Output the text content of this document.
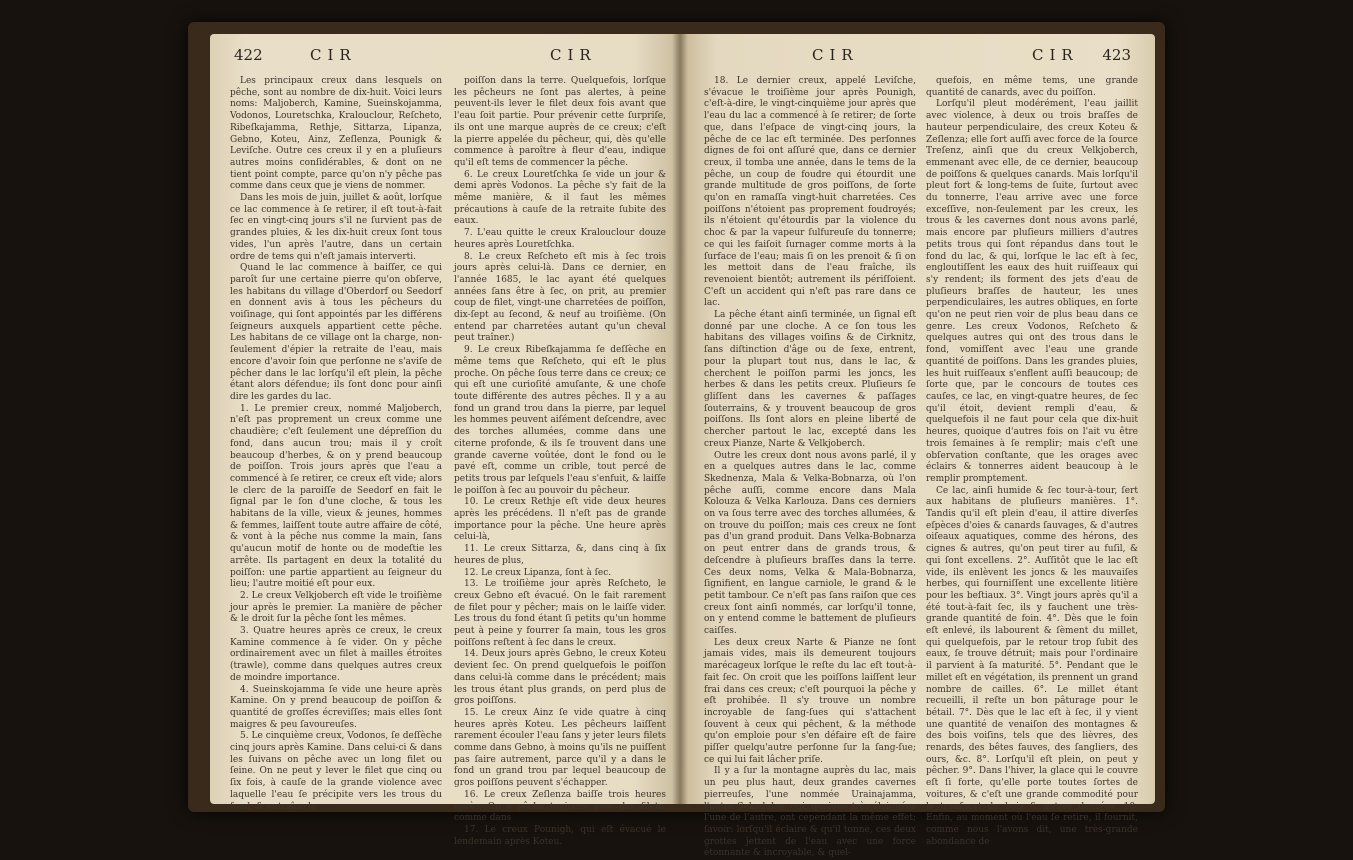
422	CIR	CIR

Les principaux creux dans lesquels on pêche, sont au nombre de dix-huit. Voici leurs noms: Maljoberch, Kamine, Sueinskojamma, Vodonos, Louretschka, Kralouclour, Reſcheto, Ribeſkajamma, Rethje, Sittarza, Lipanza, Gebno, Koteu, Ainz, Zeſlenza, Pounigk & Leviſche. Outre ces creux il y en a pluſieurs autres moins conſidérables, & dont on ne tient point compte, parce qu'on n'y pêche pas comme dans ceux que je viens de nommer.

Dans les mois de juin, juillet & août, lorſque ce lac commence à ſe retirer, il eſt tout-à-fait ſec en vingt-cinq jours s'il ne ſurvient pas de grandes pluies, & les dix-huit creux ſont tous vides, l'un après l'autre, dans un certain ordre de tems qui n'eſt jamais interverti.

Quand le lac commence à baiſſer, ce qui paroît ſur une certaine pierre qu'on obſerve, les habitans du village d'Oberdorf ou Seedorf en donnent avis à tous les pêcheurs du voiſinage, qui ſont appointés par les différens ſeigneurs auxquels appartient cette pêche. Les habitans de ce village ont la charge, non-ſeulement d'épier la retraite de l'eau, mais encore d'avoir ſoin que perſonne ne s'aviſe de pêcher dans le lac lorſqu'il eſt plein, la pêche étant alors défendue; ils ſont donc pour ainſi dire les gardes du lac.

1. Le premier creux, nommé Maljoberch, n'eſt pas proprement un creux comme une chaudière; c'eſt ſeulement une dépreſſion du fond, dans aucun trou; mais il y croît beaucoup d'herbes, & on y prend beaucoup de poiſſon. Trois jours après que l'eau a commencé à ſe retirer, ce creux eſt vide; alors le clerc de la paroiſſe de Seedorf en fait le ſignal par le ſon d'une cloche, & tous les habitans de la ville, vieux & jeunes, hommes & femmes, laiſſent toute autre affaire de côté, & vont à la pêche nus comme la main, ſans qu'aucun motif de honte ou de modeſtie les arrête. Ils partagent en deux la totalité du poiſſon: une partie appartient au ſeigneur du lieu; l'autre moitié eſt pour eux.

2. Le creux Velkjoberch eſt vide le troiſième jour après le premier. La manière de pêcher & le droit ſur la pêche ſont les mêmes.

3. Quatre heures après ce creux, le creux Kamine commence à ſe vider. On y pêche ordinairement avec un filet à mailles étroites (trawle), comme dans quelques autres creux de moindre importance.

4. Sueinskojamma ſe vide une heure après Kamine. On y prend beaucoup de poiſſon & quantité de groſſes écreviſſes; mais elles ſont maigres & peu ſavoureuſes.

5. Le cinquième creux, Vodonos, ſe deſſèche cinq jours après Kamine. Dans celui-ci & dans les ſuivans on pêche avec un long filet ou ſeine. On ne peut y lever le filet que cinq ou ſix fois, à cauſe de la grande violence avec laquelle l'eau ſe précipite vers les trous du fond, & entraîne le

poiſſon dans la terre. Quelquefois, lorſque les pêcheurs ne ſont pas alertes, à peine peuvent-ils lever le filet deux fois avant que l'eau ſoit partie. Pour prévenir cette ſurpriſe, ils ont une marque auprès de ce creux; c'eſt la pierre appelée du pêcheur, qui, dès qu'elle commence à paroître à fleur d'eau, indique qu'il eſt tems de commencer la pêche.

6. Le creux Louretſchka ſe vide un jour & demi après Vodonos. La pêche s'y fait de la même manière, & il faut les mêmes précautions à cauſe de la retraite ſubite des eaux.

7. L'eau quitte le creux Kralouclour douze heures après Louretſchka.

8. Le creux Reſcheto eſt mis à ſec trois jours après celui-là. Dans ce dernier, en l'année 1685, le lac ayant été quelques années ſans être à ſec, on prit, au premier coup de filet, vingt-une charretées de poiſſon, dix-ſept au ſecond, & neuf au troiſième. (On entend par charretées autant qu'un cheval peut traîner.)

9. Le creux Ribeſkajamma ſe deſſèche en même tems que Reſcheto, qui eſt le plus proche. On pêche ſous terre dans ce creux; ce qui eſt une curioſité amuſante, & une choſe toute différente des autres pêches. Il y a au fond un grand trou dans la pierre, par lequel les hommes peuvent aiſément deſcendre, avec des torches allumées, comme dans une citerne profonde, & ils ſe trouvent dans une grande caverne voûtée, dont le fond ou le pavé eſt, comme un crible, tout percé de petits trous par leſquels l'eau s'enfuit, & laiſſe le poiſſon à ſec au pouvoir du pêcheur.

10. Le creux Rethje eſt vide deux heures après les précédens. Il n'eſt pas de grande importance pour la pêche. Une heure après celui-là,

11. Le creux Sittarza, &, dans cinq à ſix heures de plus,

12. Le creux Lipanza, ſont à ſec.

13. Le troiſième jour après Reſcheto, le creux Gebno eſt évacué. On le fait rarement de filet pour y pêcher; mais on le laiſſe vider. Les trous du fond étant ſi petits qu'un homme peut à peine y fourrer ſa main, tous les gros poiſſons reſtent à ſec dans le creux.

14. Deux jours après Gebno, le creux Koteu devient ſec. On prend quelquefois le poiſſon dans celui-là comme dans le précédent; mais les trous étant plus grands, on perd plus de gros poiſſons.

15. Le creux Ainz ſe vide quatre à cinq heures après Koteu. Les pêcheurs laiſſent rarement écouler l'eau ſans y jeter leurs filets comme dans Gebno, à moins qu'ils ne puiſſent pas ſaire autrement, parce qu'il y a dans le fond un grand trou par lequel beaucoup de gros poiſſons peuvent s'échapper.

16. Le creux Zeſlenza baiſſe trois heures après. On y pêche toujours avec des filets, comme dans

17. Le creux Pounigh, qui eſt évacué le lendemain après Koteu.

CIR	CIR 423

18. Le dernier creux, appelé Leviſche, s'évacue le troiſième jour après Pounigh, c'eſt-à-dire, le vingt-cinquième jour après que l'eau du lac a commencé à ſe retirer; de ſorte que, dans l'eſpace de vingt-cinq jours, la pêche de ce lac eſt terminée. Des perſonnes dignes de foi ont aſſuré que, dans ce dernier creux, il tomba une année, dans le tems de la pêche, un coup de foudre qui étourdit une grande multitude de gros poiſſons, de ſorte qu'on en ramaſſa vingt-huit charretées. Ces poiſſons n'étoient pas proprement foudroyés; ils n'étoient qu'étourdis par la violence du choc & par la vapeur ſulfureuſe du tonnerre; ce qui les faiſoit ſurnager comme morts à la ſurface de l'eau; mais ſi on les prenoit & ſi on les mettoit dans de l'eau fraîche, ils revenoient bientôt; autrement ils périſſoient. C'eſt un accident qui n'eſt pas rare dans ce lac.

La pêche étant ainſi terminée, un ſignal eſt donné par une cloche. A ce ſon tous les habitans des villages voiſins & de Cirknitz, ſans diſtinction d'âge ou de ſexe, entrent, pour la plupart tout nus, dans le lac, & cherchent le poiſſon parmi les joncs, les herbes & dans les petits creux. Pluſieurs ſe gliſſent dans les cavernes & paſſages ſouterrains, & y trouvent beaucoup de gros poiſſons. Ils ſont alors en pleine liberté de chercher partout le lac, excepté dans les creux Pianze, Narte & Velkjoberch.

Outre les creux dont nous avons parlé, il y en a quelques autres dans le lac, comme Skednenza, Mala & Velka-Bobnarza, où l'on pêche auſſi, comme encore dans Mala Kolouza & Velka Karlouza. Dans ces derniers on va ſous terre avec des torches allumées, & on trouve du poiſſon; mais ces creux ne ſont pas d'un grand produit. Dans Velka-Bobnarza on peut entrer dans de grands trous, & deſcendre à pluſieurs braſſes dans la terre. Ces deux noms, Velka & Mala-Bobnarza, ſignifient, en langue carniole, le grand & le petit tambour. Ce n'eſt pas ſans raiſon que ces creux ſont ainſi nommés, car lorſqu'il tonne, on y entend comme le battement de pluſieurs caiſſes.

Les deux creux Narte & Pianze ne ſont jamais vides, mais ils demeurent toujours marécageux lorſque le reſte du lac eſt tout-à-fait ſec. On croit que les poiſſons laiſſent leur frai dans ces creux; c'eſt pourquoi la pêche y eſt prohibée. Il s'y trouve un nombre incroyable de ſang-ſues qui s'attachent ſouvent à ceux qui pêchent, & la méthode qu'on emploie pour s'en défaire eſt de faire piſſer quelqu'autre perſonne ſur la ſang-ſue; ce qui lui fait lâcher priſe.

Il y a ſur la montagne auprès du lac, mais un peu plus haut, deux grandes cavernes pierreuſes, l'une nommée Urainajamma, l'autre Sekadulze, qui, quoique très-éloignées l'une de l'autre, ont cependant la même effet; ſavoir: lorſqu'il éclaire & qu'il tonne, ces deux grottes jettent de l'eau avec une force étonnante & incroyable, & quel-

quefois, en même tems, une grande quantité de canards, avec du poiſſon.

Lorſqu'il pleut modérément, l'eau jaillit avec violence, à deux ou trois braſſes de hauteur perpendiculaire, des creux Koteu & Zeſlenza; elle ſort auſſi avec force de la ſource Treſenz, ainſi que du creux Velkjoberch, emmenant avec elle, de ce dernier, beaucoup de poiſſons & quelques canards. Mais lorſqu'il pleut fort & long-tems de ſuite, ſurtout avec du tonnerre, l'eau arrive avec une force exceſſive, non-ſeulement par les creux, les trous & les cavernes dont nous avons parlé, mais encore par pluſieurs milliers d'autres petits trous qui ſont répandus dans tout le fond du lac, & qui, lorſque le lac eſt à ſec, engloutiſſent les eaux des huit ruiſſeaux qui s'y rendent; ils forment des jets d'eau de pluſieurs braſſes de hauteur, les unes perpendiculaires, les autres obliques, en ſorte qu'on ne peut rien voir de plus beau dans ce genre. Les creux Vodonos, Reſcheto & quelques autres qui ont des trous dans le fond, vomiſſent avec l'eau une grande quantité de poiſſons. Dans les grandes pluies, les huit ruiſſeaux s'enflent auſſi beaucoup; de ſorte que, par le concours de toutes ces cauſes, ce lac, en vingt-quatre heures, de ſec qu'il étoit, devient rempli d'eau, & quelquefois il ne faut pour cela que dix-huit heures, quoique d'autres fois on l'ait vu être trois ſemaines à ſe remplir; mais c'eſt une obſervation conſtante, que les orages avec éclairs & tonnerres aident beaucoup à le remplir promptement.

Ce lac, ainſi humide & ſec tour-à-tour, ſert aux habitans de pluſieurs manières. 1°. Tandis qu'il eſt plein d'eau, il attire diverſes eſpèces d'oies & canards ſauvages, & d'autres oiſeaux aquatiques, comme des hérons, des cignes & autres, qu'on peut tirer au fuſil, & qui ſont excellens. 2°. Auſſitôt que le lac eſt vide, ils enlèvent les joncs & les mauvaiſes herbes, qui fourniſſent une excellente litière pour les beſtiaux. 3°. Vingt jours après qu'il a été tout-à-fait ſec, ils y fauchent une très-grande quantité de foin. 4°. Dès que le foin eſt enlevé, ils labourent & ſèment du millet, qui quelquefois, par le retour trop ſubit des eaux, ſe trouve détruit; mais pour l'ordinaire il parvient à ſa maturité. 5°. Pendant que le millet eſt en végétation, ils prennent un grand nombre de cailles. 6°. Le millet étant recueilli, il reſte un bon pâturage pour le bétail. 7°. Dès que le lac eſt à ſec, il y vient une quantité de venaiſon des montagnes & des bois voiſins, tels que des lièvres, des renards, des bêtes fauves, des ſangliers, des ours, &c. 8°. Lorſqu'il eſt plein, on peut y pêcher. 9°. Dans l'hiver, la glace qui le couvre eſt ſi forte, qu'elle porte toutes ſortes de voitures, & c'eſt une grande commodité pour le tranſport du bois & autres denrées. 10. Enfin, au moment où l'eau ſe retire, il fournit, comme nous l'avons dit, une très-grande abondance de
